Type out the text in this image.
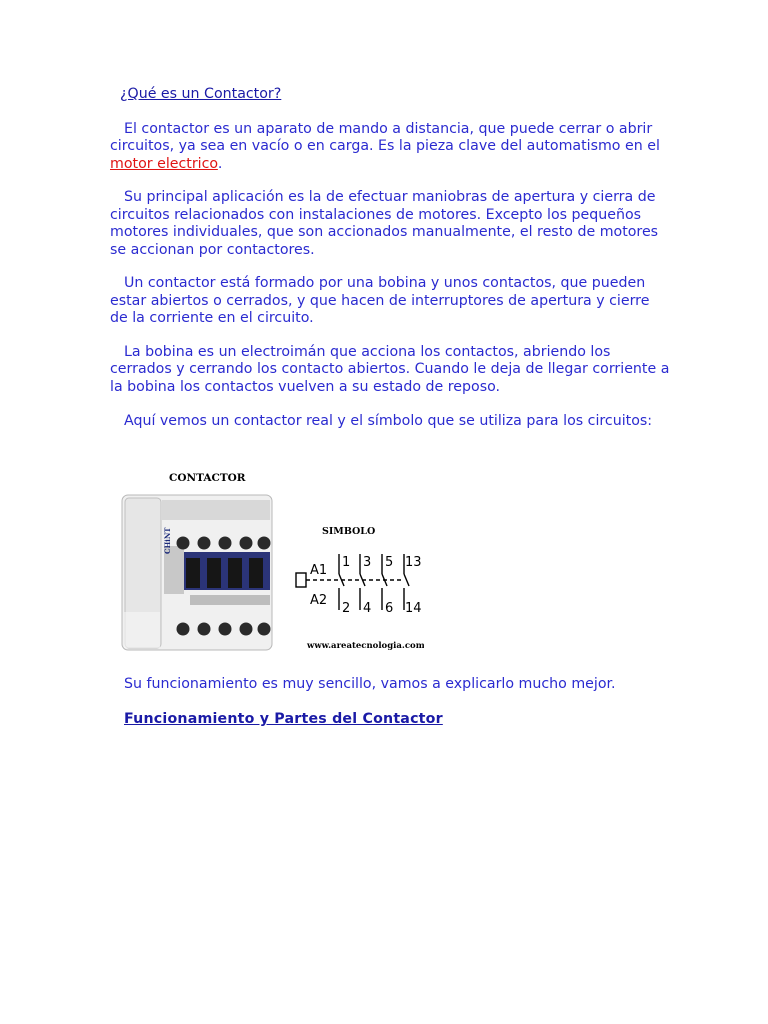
¿Qué es un Contactor?

El contactor es un aparato de mando a distancia, que puede cerrar o abrir circuitos, ya sea en vacío o en carga. Es la pieza clave del automatismo en el motor electrico.

Su principal aplicación es la de efectuar maniobras de apertura y cierra de circuitos relacionados con instalaciones de motores. Excepto los pequeños motores individuales, que son accionados manualmente, el resto de motores se accionan por contactores.

Un contactor está formado por una bobina y unos contactos, que pueden estar abiertos o cerrados, y que hacen de interruptores de apertura y cierre de la corriente en el circuito.

La bobina es un electroimán que acciona los contactos, abriendo los cerrados y cerrando los contacto abiertos. Cuando le deja de llegar corriente a la bobina los contactos vuelven a su estado de reposo.

Aquí vemos un contactor real y el símbolo que se utiliza para los circuitos:

CONTACTOR
CHiNT	SIMBOLO
A1
A2
1 3 5 13
2 4 6 14
www.areatecnologia.com

Su funcionamiento es muy sencillo, vamos a explicarlo mucho mejor.

Funcionamiento y Partes del Contactor
